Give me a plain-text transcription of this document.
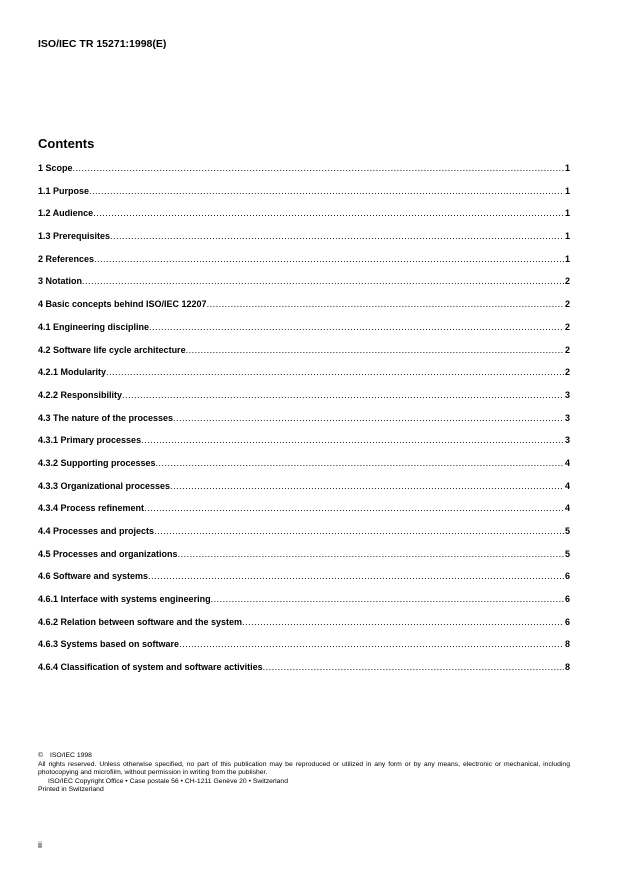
ISO/IEC TR 15271:1998(E)
Contents
1 Scope .....	1
1.1 Purpose .....	1
1.2 Audience .....	1
1.3 Prerequisites .....	1
2 References .....	1
3 Notation .....	2
4 Basic concepts behind ISO/IEC 12207 .....	2
4.1 Engineering discipline .....	2
4.2 Software life cycle architecture .....	2
4.2.1 Modularity .....	2
4.2.2 Responsibility .....	3
4.3 The nature of the processes .....	3
4.3.1 Primary processes .....	3
4.3.2 Supporting processes .....	4
4.3.3 Organizational processes .....	4
4.3.4 Process refinement .....	4
4.4 Processes and projects .....	5
4.5 Processes and organizations .....	5
4.6 Software and systems .....	6
4.6.1 Interface with systems engineering .....	6
4.6.2 Relation between software and the system .....	6
4.6.3 Systems based on software .....	8
4.6.4 Classification of system and software activities .....	8
©	ISO/IEC 1998
All rights reserved. Unless otherwise specified, no part of this publication may be reproduced or utilized in any form or by any means, electronic or mechanical, including photocopying and microfilm, without permission in writing from the publisher.
ISO/IEC Copyright Office • Case postale 56 • CH-1211 Genève 20 • Switzerland
Printed in Switzerland
ii
